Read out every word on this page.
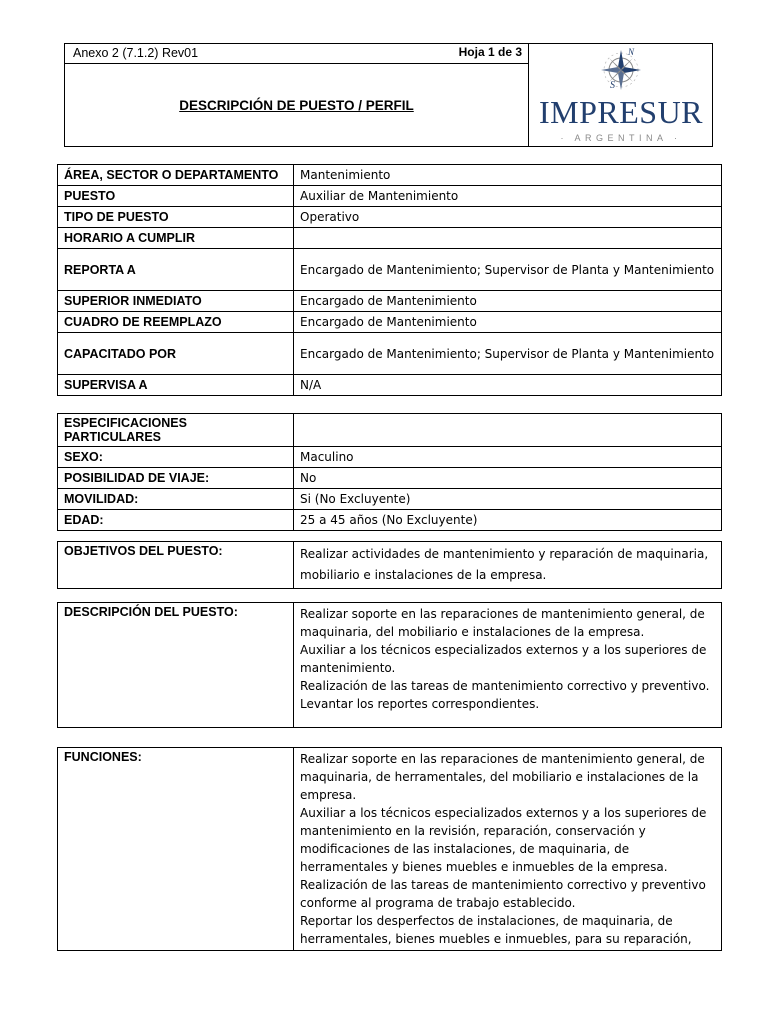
Anexo 2 (7.1.2) Rev01	Hoja 1 de 3
DESCRIPCIÓN DE PUESTO / PERFIL
N
S
IMPRESUR
· ARGENTINA ·
ÁREA, SECTOR O DEPARTAMENTO	Mantenimiento
PUESTO	Auxiliar de Mantenimiento
TIPO DE PUESTO	Operativo
HORARIO A CUMPLIR	
REPORTA A	Encargado de Mantenimiento; Supervisor de Planta y Mantenimiento
SUPERIOR INMEDIATO	Encargado de Mantenimiento
CUADRO DE REEMPLAZO	Encargado de Mantenimiento
CAPACITADO POR	Encargado de Mantenimiento; Supervisor de Planta y Mantenimiento
SUPERVISA A	N/A
ESPECIFICACIONES PARTICULARES	
SEXO:	Maculino
POSIBILIDAD DE VIAJE:	No
MOVILIDAD:	Si (No Excluyente)
EDAD:	25 a 45 años (No Excluyente)
OBJETIVOS DEL PUESTO:	Realizar actividades de mantenimiento y reparación de maquinaria, mobiliario e instalaciones de la empresa.
DESCRIPCIÓN DEL PUESTO:	Realizar soporte en las reparaciones de mantenimiento general, de maquinaria, del mobiliario e instalaciones de la empresa.
Auxiliar a los técnicos especializados externos y a los superiores de mantenimiento.
Realización de las tareas de mantenimiento correctivo y preventivo.
Levantar los reportes correspondientes.
FUNCIONES:	Realizar soporte en las reparaciones de mantenimiento general, de maquinaria, de herramentales, del mobiliario e instalaciones de la empresa.
Auxiliar a los técnicos especializados externos y a los superiores de mantenimiento en la revisión, reparación, conservación y modificaciones de las instalaciones, de maquinaria, de herramentales y bienes muebles e inmuebles de la empresa.
Realización de las tareas de mantenimiento correctivo y preventivo conforme al programa de trabajo establecido.
Reportar los desperfectos de instalaciones, de maquinaria, de herramentales, bienes muebles e inmuebles, para su reparación,
